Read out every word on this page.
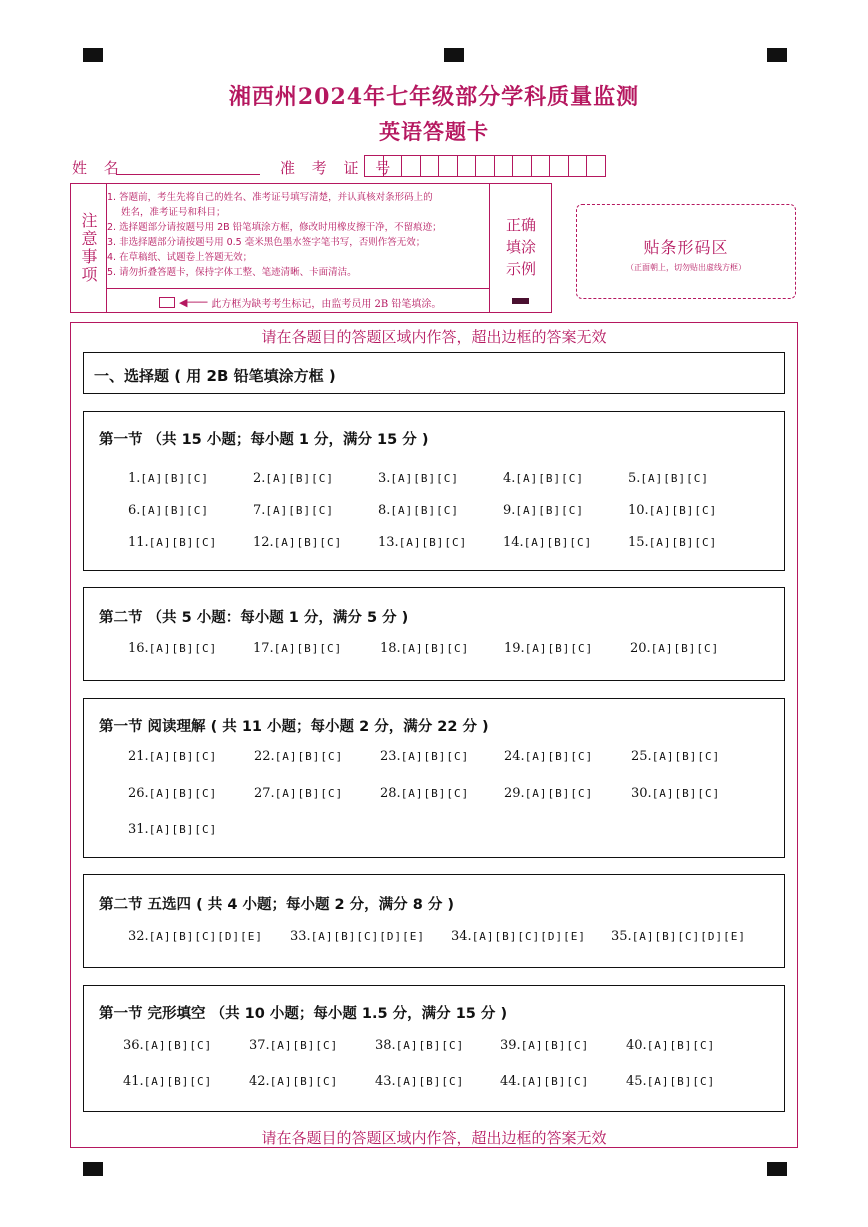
湘西州2024年七年级部分学科质量监测
英语答题卡
姓 名	准 考 证 号
注意事项
1. 答题前，考生先将自己的姓名、准考证号填写清楚，并认真核对条形码上的
姓名，准考证号和科目；
2. 选择题部分请按题号用 2B 铅笔填涂方框，修改时用橡皮擦干净，不留痕迹；
3. 非选择题部分请按题号用 0.5 毫米黑色墨水签字笔书写，否则作答无效；
4. 在草稿纸、试题卷上答题无效；
5. 请勿折叠答题卡，保持字体工整、笔迹清晰、卡面清洁。
◀─── 此方框为缺考考生标记，由监考员用 2B 铅笔填涂。
正确
填涂
示例
贴条形码区
（正面朝上，切勿贴出虚线方框）
请在各题目的答题区域内作答，超出边框的答案无效
请在各题目的答题区域内作答，超出边框的答案无效
一、选择题 ( 用 2B 铅笔填涂方框 )
第一节 （共 15 小题；每小题 1 分，满分 15 分 )
1.[A][B][C]	2.[A][B][C]	3.[A][B][C]	4.[A][B][C]	5.[A][B][C]
6.[A][B][C]	7.[A][B][C]	8.[A][B][C]	9.[A][B][C]	10.[A][B][C]
11.[A][B][C]	12.[A][B][C]	13.[A][B][C]	14.[A][B][C]	15.[A][B][C]
第二节 （共 5 小题：每小题 1 分，满分 5 分 )
16.[A][B][C]	17.[A][B][C]	18.[A][B][C]	19.[A][B][C]	20.[A][B][C]
第一节 阅读理解 ( 共 11 小题；每小题 2 分，满分 22 分 )
21.[A][B][C]	22.[A][B][C]	23.[A][B][C]	24.[A][B][C]	25.[A][B][C]
26.[A][B][C]	27.[A][B][C]	28.[A][B][C]	29.[A][B][C]	30.[A][B][C]
31.[A][B][C]
第二节 五选四 ( 共 4 小题；每小题 2 分，满分 8 分 )
32.[A][B][C][D][E] 33.[A][B][C][D][E] 34.[A][B][C][D][E] 35.[A][B][C][D][E]
第一节 完形填空 （共 10 小题；每小题 1.5 分，满分 15 分 )
36.[A][B][C]	37.[A][B][C]	38.[A][B][C]	39.[A][B][C]	40.[A][B][C]
41.[A][B][C]	42.[A][B][C]	43.[A][B][C]	44.[A][B][C]	45.[A][B][C]
